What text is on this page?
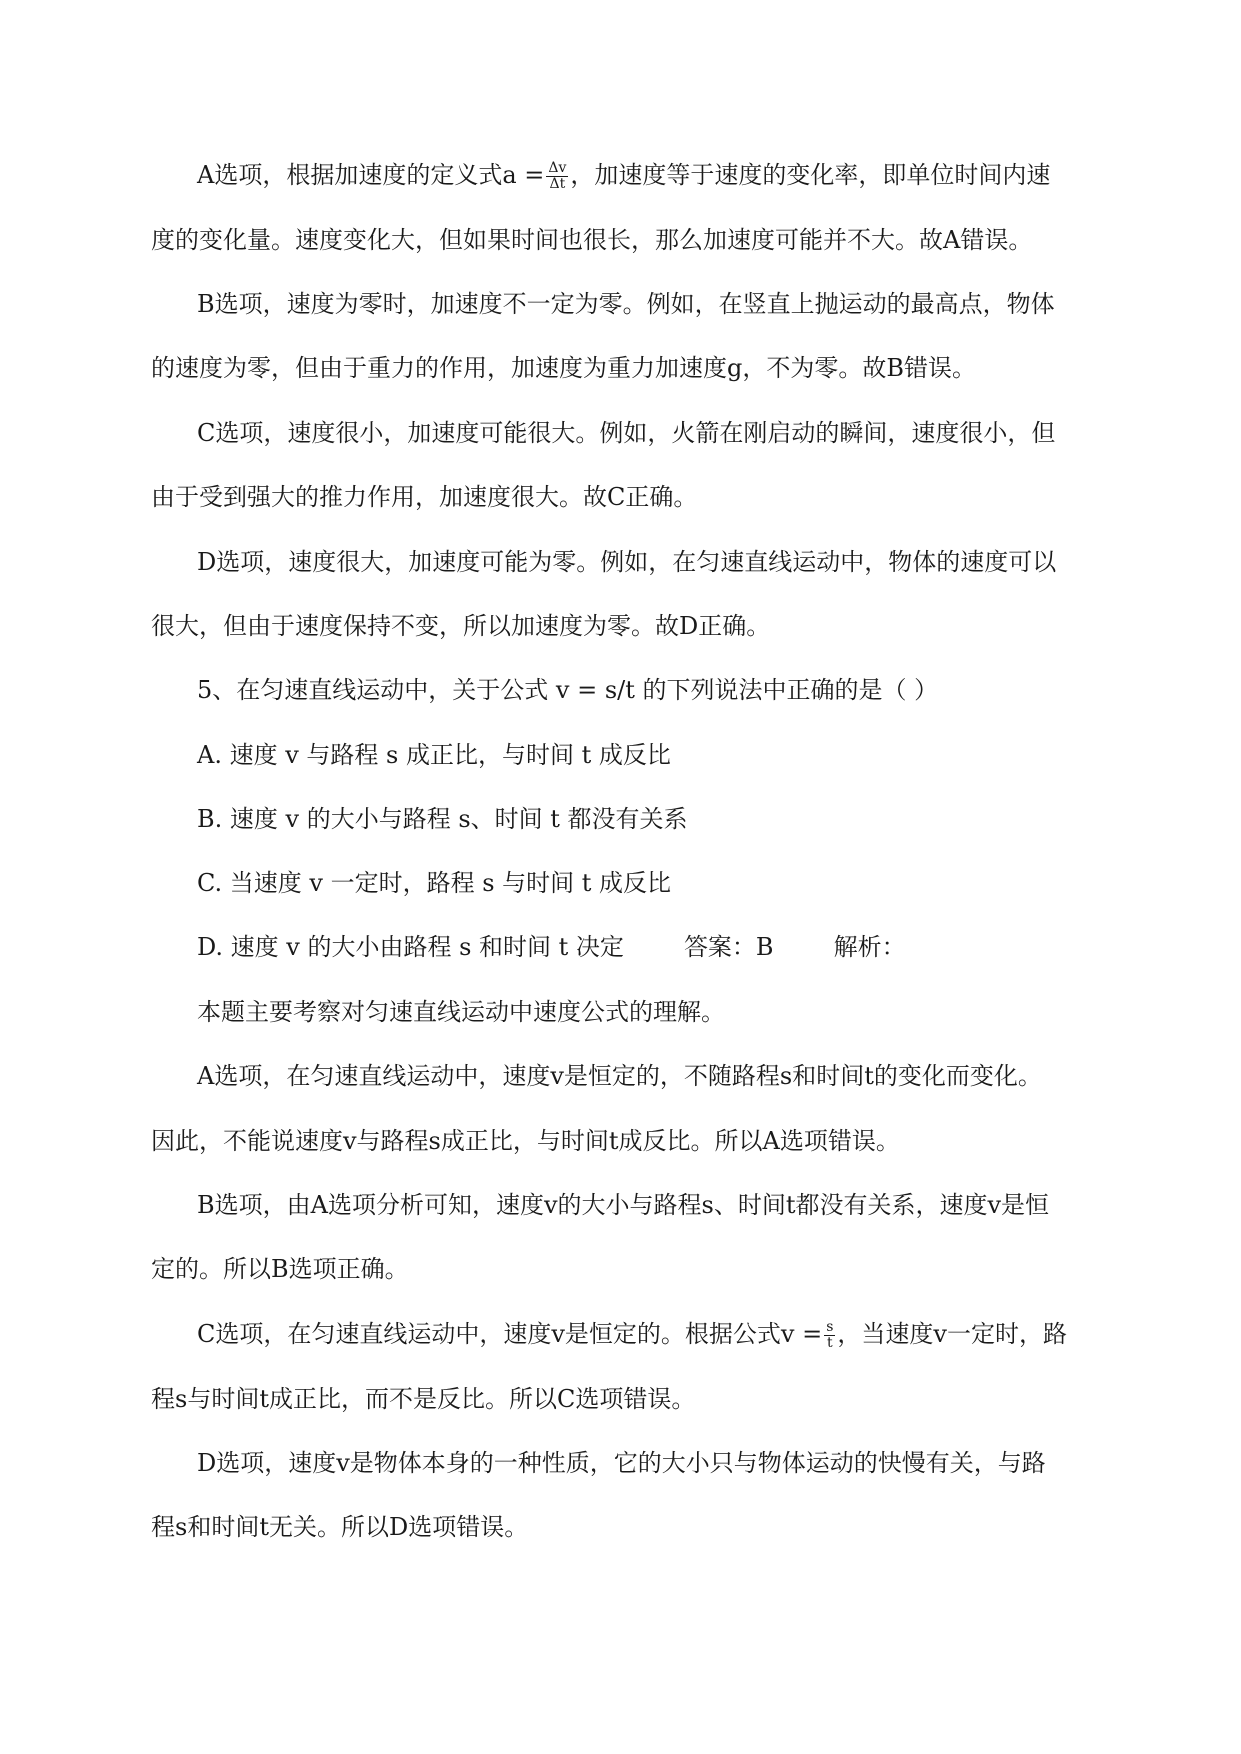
A选项，根据加速度的定义式$a = \frac{\Delta v}{\Delta t}$ ，加速度等于速度的变化率，即单位时间内速
度的变化量。速度变化大，但如果时间也很长，那么加速度可能并不大。故A错误。
B选项，速度为零时，加速度不一定为零。例如，在竖直上抛运动的最高点，物体
的速度为零，但由于重力的作用，加速度为重力加速度g，不为零。故B错误。
C选项，速度很小，加速度可能很大。例如，火箭在刚启动的瞬间，速度很小，但
由于受到强大的推力作用，加速度很大。故C正确。
D选项，速度很大，加速度可能为零。例如，在匀速直线运动中，物体的速度可以
很大，但由于速度保持不变，所以加速度为零。故D正确。
5、在匀速直线运动中，关于公式 v = s/t 的下列说法中正确的是（ ）
A. 速度 v 与路程 s 成正比，与时间 t 成反比
B. 速度 v 的大小与路程 s、时间 t 都没有关系
C. 当速度 v 一定时，路程 s 与时间 t 成反比
D. 速度 v 的大小由路程 s 和时间 t 决定	答案：B	解析：
本题主要考察对匀速直线运动中速度公式的理解。
A选项，在匀速直线运动中，速度v是恒定的，不随路程s和时间t的变化而变化。
因此，不能说速度v与路程s成正比，与时间t成反比。所以A选项错误。
B选项，由A选项分析可知，速度v的大小与路程s、时间t都没有关系，速度v是恒
定的。所以B选项正确。
C选项，在匀速直线运动中，速度v是恒定的。根据公式$v = \frac{s}{t}$ ，当速度v一定时，路
程s与时间t成正比，而不是反比。所以C选项错误。
D选项，速度v是物体本身的一种性质，它的大小只与物体运动的快慢有关，与路
程s和时间t无关。所以D选项错误。
